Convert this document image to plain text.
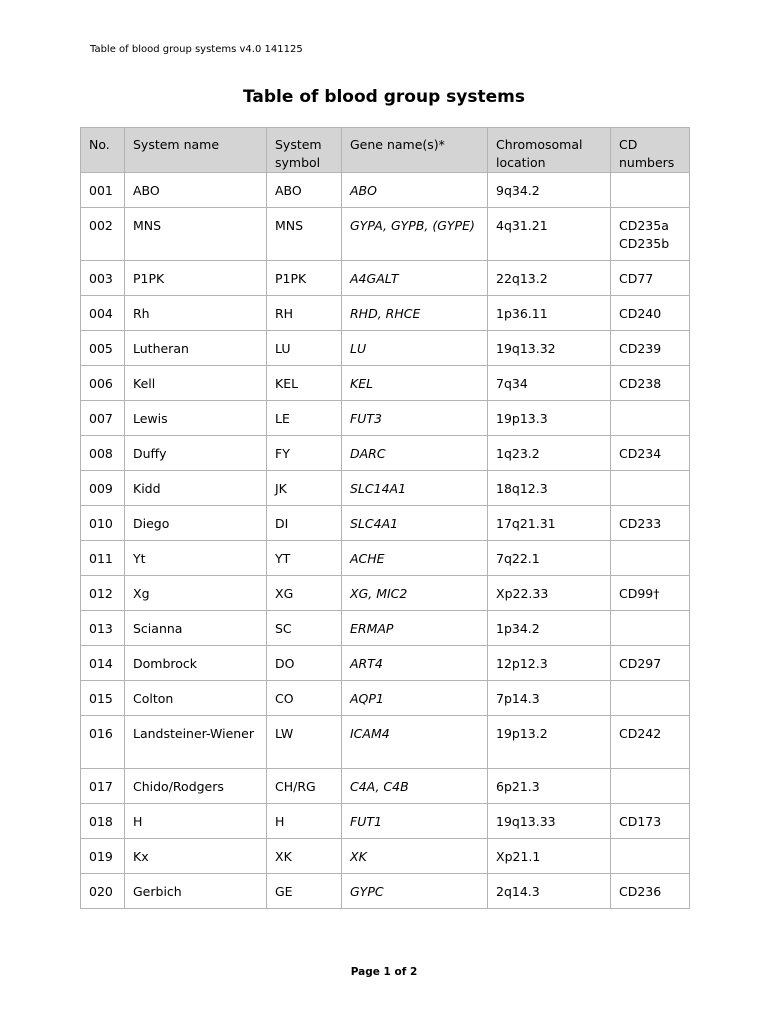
Table of blood group systems v4.0 141125
Table of blood group systems
No.	System name	System symbol	Gene name(s)*	Chromosomal location	CD numbers
001	ABO	ABO	ABO	9q34.2	
002	MNS	MNS	GYPA, GYPB, (GYPE)	4q31.21	CD235a CD235b
003	P1PK	P1PK	A4GALT	22q13.2	CD77
004	Rh	RH	RHD, RHCE	1p36.11	CD240
005	Lutheran	LU	LU	19q13.32	CD239
006	Kell	KEL	KEL	7q34	CD238
007	Lewis	LE	FUT3	19p13.3	
008	Duffy	FY	DARC	1q23.2	CD234
009	Kidd	JK	SLC14A1	18q12.3	
010	Diego	DI	SLC4A1	17q21.31	CD233
011	Yt	YT	ACHE	7q22.1	
012	Xg	XG	XG, MIC2	Xp22.33	CD99†
013	Scianna	SC	ERMAP	1p34.2	
014	Dombrock	DO	ART4	12p12.3	CD297
015	Colton	CO	AQP1	7p14.3	
016	Landsteiner-Wiener	LW	ICAM4	19p13.2	CD242
017	Chido/Rodgers	CH/RG	C4A, C4B	6p21.3	
018	H	H	FUT1	19q13.33	CD173
019	Kx	XK	XK	Xp21.1	
020	Gerbich	GE	GYPC	2q14.3	CD236
Page 1 of 2
